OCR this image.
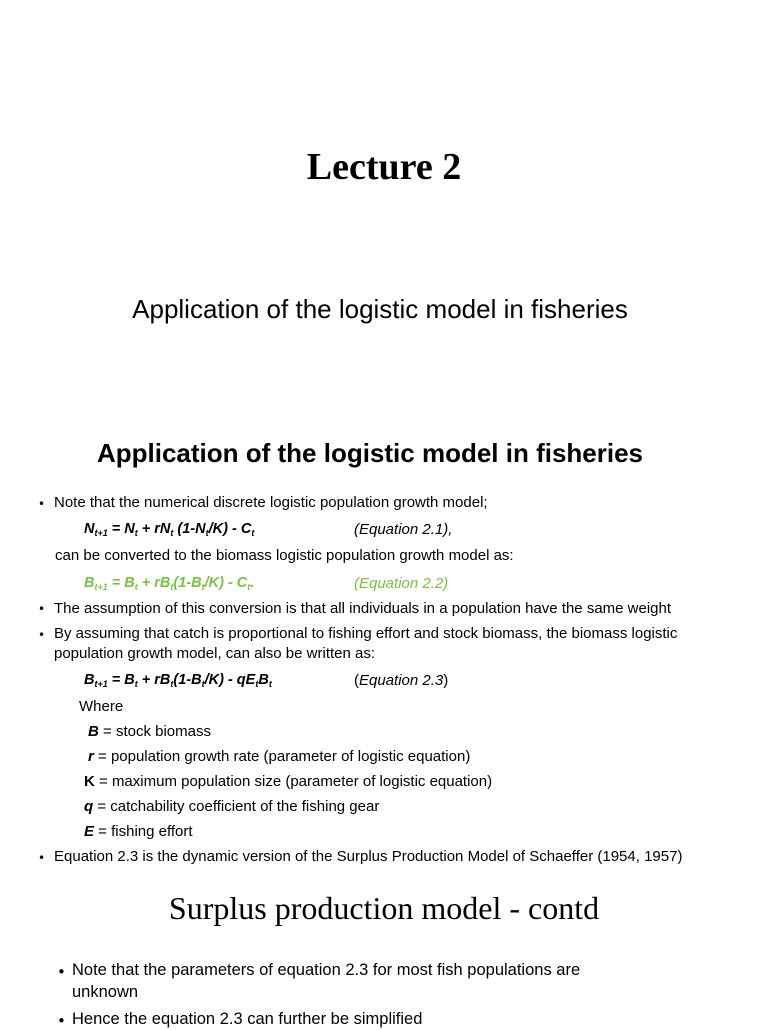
Lecture 2
Application of the logistic model in fisheries
Application of the logistic model in fisheries
• Note that the numerical discrete logistic population growth model;
$N_{t+1} = N_t + rN_t$ $(1-N_t/K) - C_t$	(Equation 2.1),
can be converted to the biomass logistic population growth model as:
$B_{t+1} = B_t + rB_t(1-B_t/K) - C_t$.	(Equation 2.2)
• The assumption of this conversion is that all individuals in a population have the same weight
• By assuming that catch is proportional to fishing effort and stock biomass, the biomass logistic
population growth model, can also be written as:
$B_{t+1} = B_t + rB_t(1-B_t/K) - qE_tB_t$	(Equation 2.3)
Where
B = stock biomass
r = population growth rate (parameter of logistic equation)
K = maximum population size (parameter of logistic equation)
q = catchability coefficient of the fishing gear
E = fishing effort
• Equation 2.3 is the dynamic version of the Surplus Production Model of Schaeffer (1954, 1957)
Surplus production model - contd
• Note that the parameters of equation 2.3 for most fish populations are
unknown
• Hence the equation 2.3 can further be simplified
